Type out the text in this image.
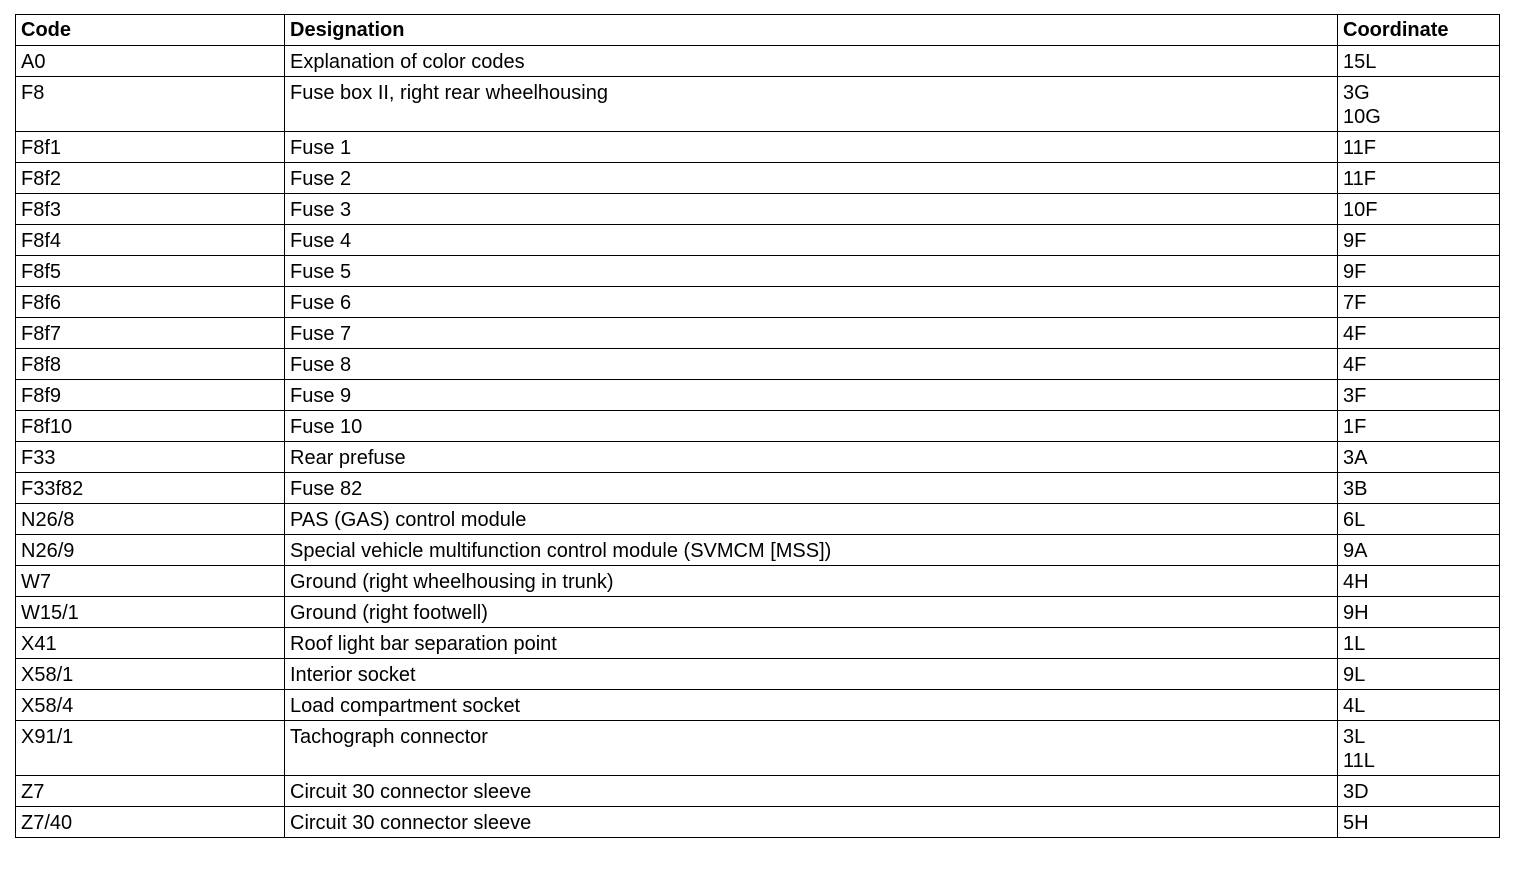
Code	Designation	Coordinate
A0	Explanation of color codes	15L

F8	Fuse box II, right rear wheelhousing	3G
10G

F8f1	Fuse 1	11F

F8f2	Fuse 2	11F

F8f3	Fuse 3	10F

F8f4	Fuse 4	9F

F8f5	Fuse 5	9F

F8f6	Fuse 6	7F

F8f7	Fuse 7	4F

F8f8	Fuse 8	4F

F8f9	Fuse 9	3F

F8f10	Fuse 10	1F

F33	Rear prefuse	3A

F33f82	Fuse 82	3B

N26/8	PAS (GAS) control module	6L

N26/9	Special vehicle multifunction control module (SVMCM [MSS])	9A

W7	Ground (right wheelhousing in trunk)	4H

W15/1	Ground (right footwell)	9H

X41	Roof light bar separation point	1L

X58/1	Interior socket	9L

X58/4	Load compartment socket	4L

X91/1	Tachograph connector	3L
11L

Z7	Circuit 30 connector sleeve	3D

Z7/40	Circuit 30 connector sleeve	5H
